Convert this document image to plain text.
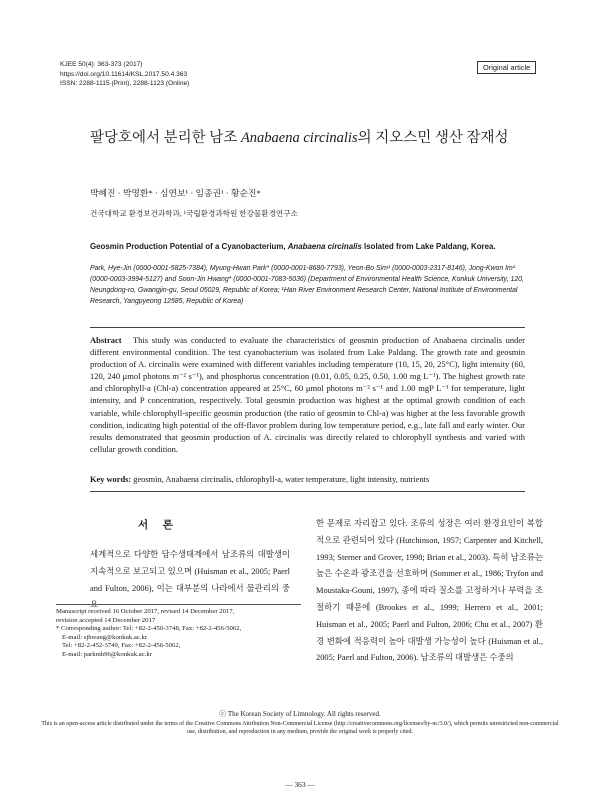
KJEE 50(4): 363-373 (2017)
https://doi.org/10.11614/KSL.2017.50.4.363
ISSN: 2288-1115 (Print), 2288-1123 (Online)
Original article
팔당호에서 분리한 남조 Anabaena circinalis의 지오스민 생산 잠재성
박혜진 · 박명환* · 심연보¹ · 임종권¹ · 황순진*
건국대학교 환경보건과학과, ¹국립환경과학원 한강물환경연구소
Geosmin Production Potential of a Cyanobacterium, Anabaena circinalis Isolated from Lake Paldang, Korea.
Park, Hye-Jin (0000-0001-5825-7384), Myung-Hwan Park* (0000-0001-8680-7793), Yeon-Bo Sim¹ (0000-0003-2317-8146), Jong-Kwon Im¹ (0000-0003-3994-5127) and Soon-Jin Hwang* (0000-0001-7083-5036) (Department of Environmental Health Science, Konkuk University, 120, Neungdong-ro, Gwangjin-gu, Seoul 05029, Republic of Korea; ¹Han River Environment Research Center, National Institute of Environmental Research, Yangpyeong 12585, Republic of Korea)
Abstract This study was conducted to evaluate the characteristics of geosmin production of Anabaena circinalis under different environmental condition. The test cyanobacterium was isolated from Lake Paldang. The growth rate and geosmin production of A. circinalis were examined with different variables including temperature (10, 15, 20, 25°C), light intensity (60, 120, 240 μmol photons m⁻² s⁻¹), and phosphorus concentration (0.01, 0.05, 0.25, 0.50, 1.00 mg L⁻¹). The highest growth rate and chlorophyll-a (Chl-a) concentration appeared at 25°C, 60 μmol photons m⁻² s⁻¹ and 1.00 mgP L⁻¹ for temperature, light intensity, and P concentration, respectively. Total geosmin production was highest at the optimal growth condition of each variable, while chlorophyll-specific geosmin production (the ratio of geosmin to Chl-a) was higher at the less favorable growth condition, indicating high potential of the off-flavor problem during low temperature period, e.g., late fall and early winter. Our results demonstrated that geosmin production of A. circinalis was directly related to chlorophyll synthesis and varied with cellular growth condition.
Key words: geosmin, Anabaena circinalis, chlorophyll-a, water temperature, light intensity, nutrients
서 론
세계적으로 다양한 담수생태계에서 남조류의 대발생이 지속적으로 보고되고 있으며 (Huisman et al., 2005; Paerl and Fulton, 2006), 이는 대부분의 나라에서 물관리의 중요
Manuscript received 16 October 2017, revised 14 December 2017,
revision accepted 14 December 2017
* Corresponding author: Tel: +82-2-450-3748, Fax: +82-2-456-5062,
E-mail: sjhwang@konkuk.ac.kr
Tel: +82-2-452-3749, Fax: +82-2-456-5062,
E-mail: parkmh96@konkuk.ac.kr
한 문제로 자리잡고 있다. 조류의 성장은 여러 환경요인이 복합적으로 관련되어 있다 (Hutchinson, 1957; Carpenter and Kitchell, 1993; Sterner and Grover, 1998; Brian et al., 2003). 특히 남조류는 높은 수온과 광조건을 선호하며 (Sommer et al., 1986; Tryfon and Moustaka-Gouni, 1997), 종에 따라 질소를 고정하거나 부력을 조절하기 때문에 (Brookes et al., 1999; Herrero et al., 2001; Huisman et al., 2005; Paerl and Fulton, 2006; Chu et al., 2007) 환경 변화에 적응력이 높아 대발생 가능성이 높다 (Huisman et al., 2005; Paerl and Fulton, 2006). 남조류의 대발생은 수중의
ⓒ The Korean Society of Limnology. All rights reserved.
This is an open-access article distributed under the terms of the Creative Commons Attribution Non-Commercial License (http://creativecommons.org/licenses/by-nc/3.0/), which permits unrestricted non-commercial use, distribution, and reproduction in any medium, provide the original work is properly cited.
— 363 —
